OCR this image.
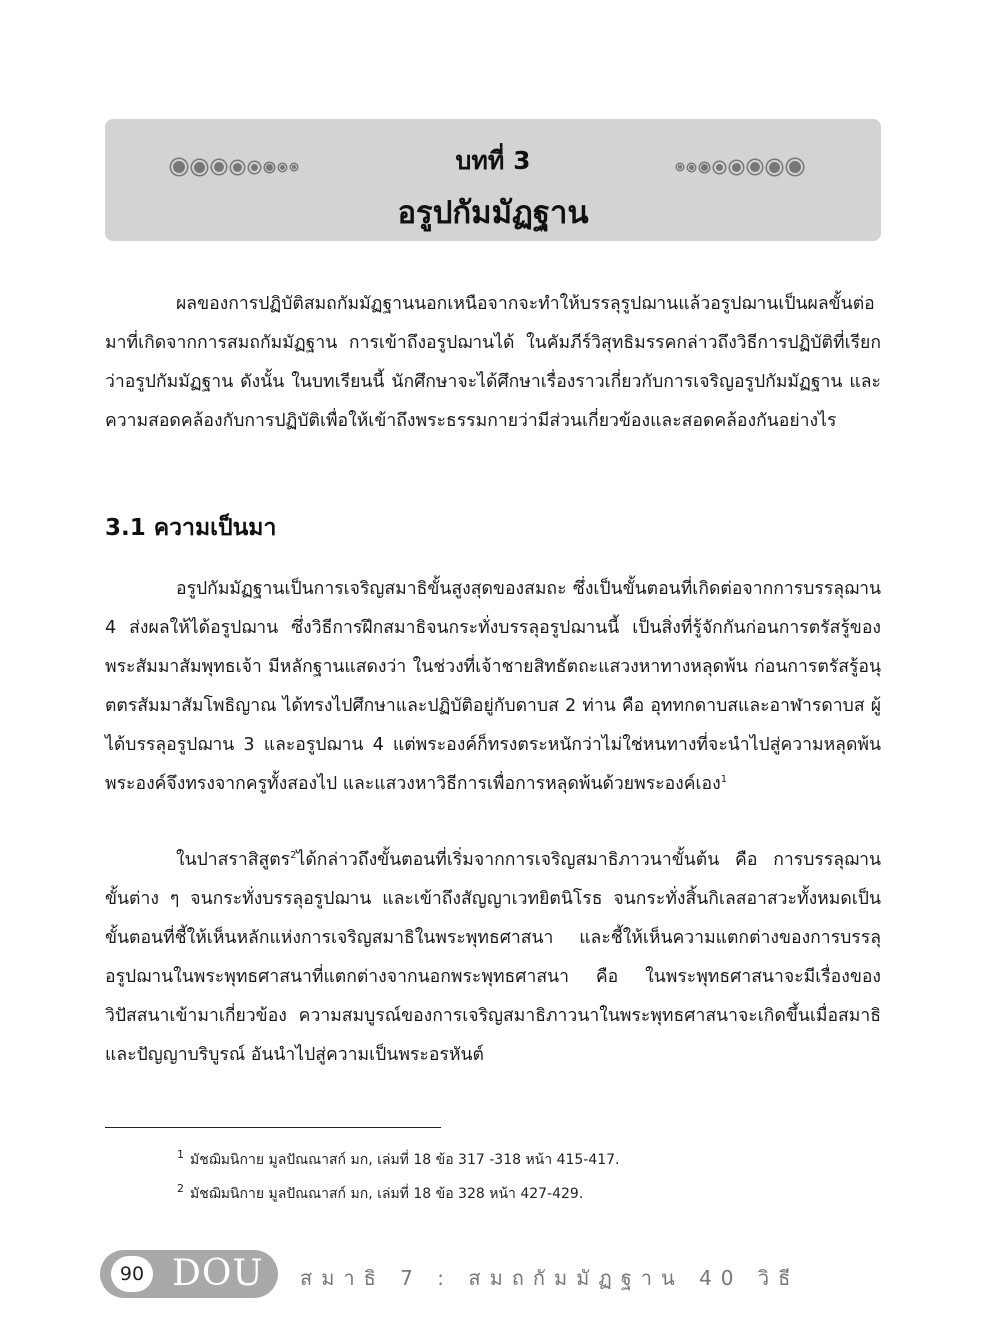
บทที่ 3
อรูปกัมมัฏฐาน

ผลของการปฏิบัติสมถกัมมัฏฐานนอกเหนือจากจะทำให้บรรลุรูปฌานแล้วอรูปฌานเป็นผลขั้นต่อมาที่เกิดจากการสมถกัมมัฏฐาน การเข้าถึงอรูปฌานได้ ในคัมภีร์วิสุทธิมรรคกล่าวถึงวิธีการปฏิบัติที่เรียกว่าอรูปกัมมัฏฐาน ดังนั้น ในบทเรียนนี้ นักศึกษาจะได้ศึกษาเรื่องราวเกี่ยวกับการเจริญอรูปกัมมัฏฐาน และความสอดคล้องกับการปฏิบัติเพื่อให้เข้าถึงพระธรรมกายว่ามีส่วนเกี่ยวข้องและสอดคล้องกันอย่างไร

3.1 ความเป็นมา

อรูปกัมมัฏฐานเป็นการเจริญสมาธิขั้นสูงสุดของสมถะ ซึ่งเป็นขั้นตอนที่เกิดต่อจากการบรรลุฌาน 4 ส่งผลให้ได้อรูปฌาน ซึ่งวิธีการฝึกสมาธิจนกระทั่งบรรลุอรูปฌานนี้ เป็นสิ่งที่รู้จักกันก่อนการตรัสรู้ของพระสัมมาสัมพุทธเจ้า มีหลักฐานแสดงว่า ในช่วงที่เจ้าชายสิทธัตถะแสวงหาทางหลุดพ้น ก่อนการตรัสรู้อนุตตรสัมมาสัมโพธิญาณ ได้ทรงไปศึกษาและปฏิบัติอยู่กับดาบส 2 ท่าน คือ อุททกดาบสและอาฬารดาบส ผู้ได้บรรลุอรูปฌาน 3 และอรูปฌาน 4 แต่พระองค์ก็ทรงตระหนักว่าไม่ใช่หนทางที่จะนำไปสู่ความหลุดพ้น พระองค์จึงทรงจากครูทั้งสองไป และแสวงหาวิธีการเพื่อการหลุดพ้นด้วยพระองค์เอง$^1$

ในปาสราสิสูตร$^2$ได้กล่าวถึงขั้นตอนที่เริ่มจากการเจริญสมาธิภาวนาขั้นต้น คือ การบรรลุฌานขั้นต่าง ๆ จนกระทั่งบรรลุอรูปฌาน และเข้าถึงสัญญาเวทยิตนิโรธ จนกระทั่งสิ้นกิเลสอาสวะทั้งหมดเป็นขั้นตอนที่ชี้ให้เห็นหลักแห่งการเจริญสมาธิในพระพุทธศาสนา และชี้ให้เห็นความแตกต่างของการบรรลุอรูปฌานในพระพุทธศาสนาที่แตกต่างจากนอกพระพุทธศาสนา คือ ในพระพุทธศาสนาจะมีเรื่องของวิปัสสนาเข้ามาเกี่ยวข้อง ความสมบูรณ์ของการเจริญสมาธิภาวนาในพระพุทธศาสนาจะเกิดขึ้นเมื่อสมาธิและปัญญาบริบูรณ์ อันนำไปสู่ความเป็นพระอรหันต์

$^1$ มัชฌิมนิกาย มูลปัณณาสก์ มก, เล่มที่ 18 ข้อ 317 -318 หน้า 415-417.
$^2$ มัชฌิมนิกาย มูลปัณณาสก์ มก, เล่มที่ 18 ข้อ 328 หน้า 427-429.
90 DOU สมาธิ 7 : สมถกัมมัฏฐาน 40 วิธี
